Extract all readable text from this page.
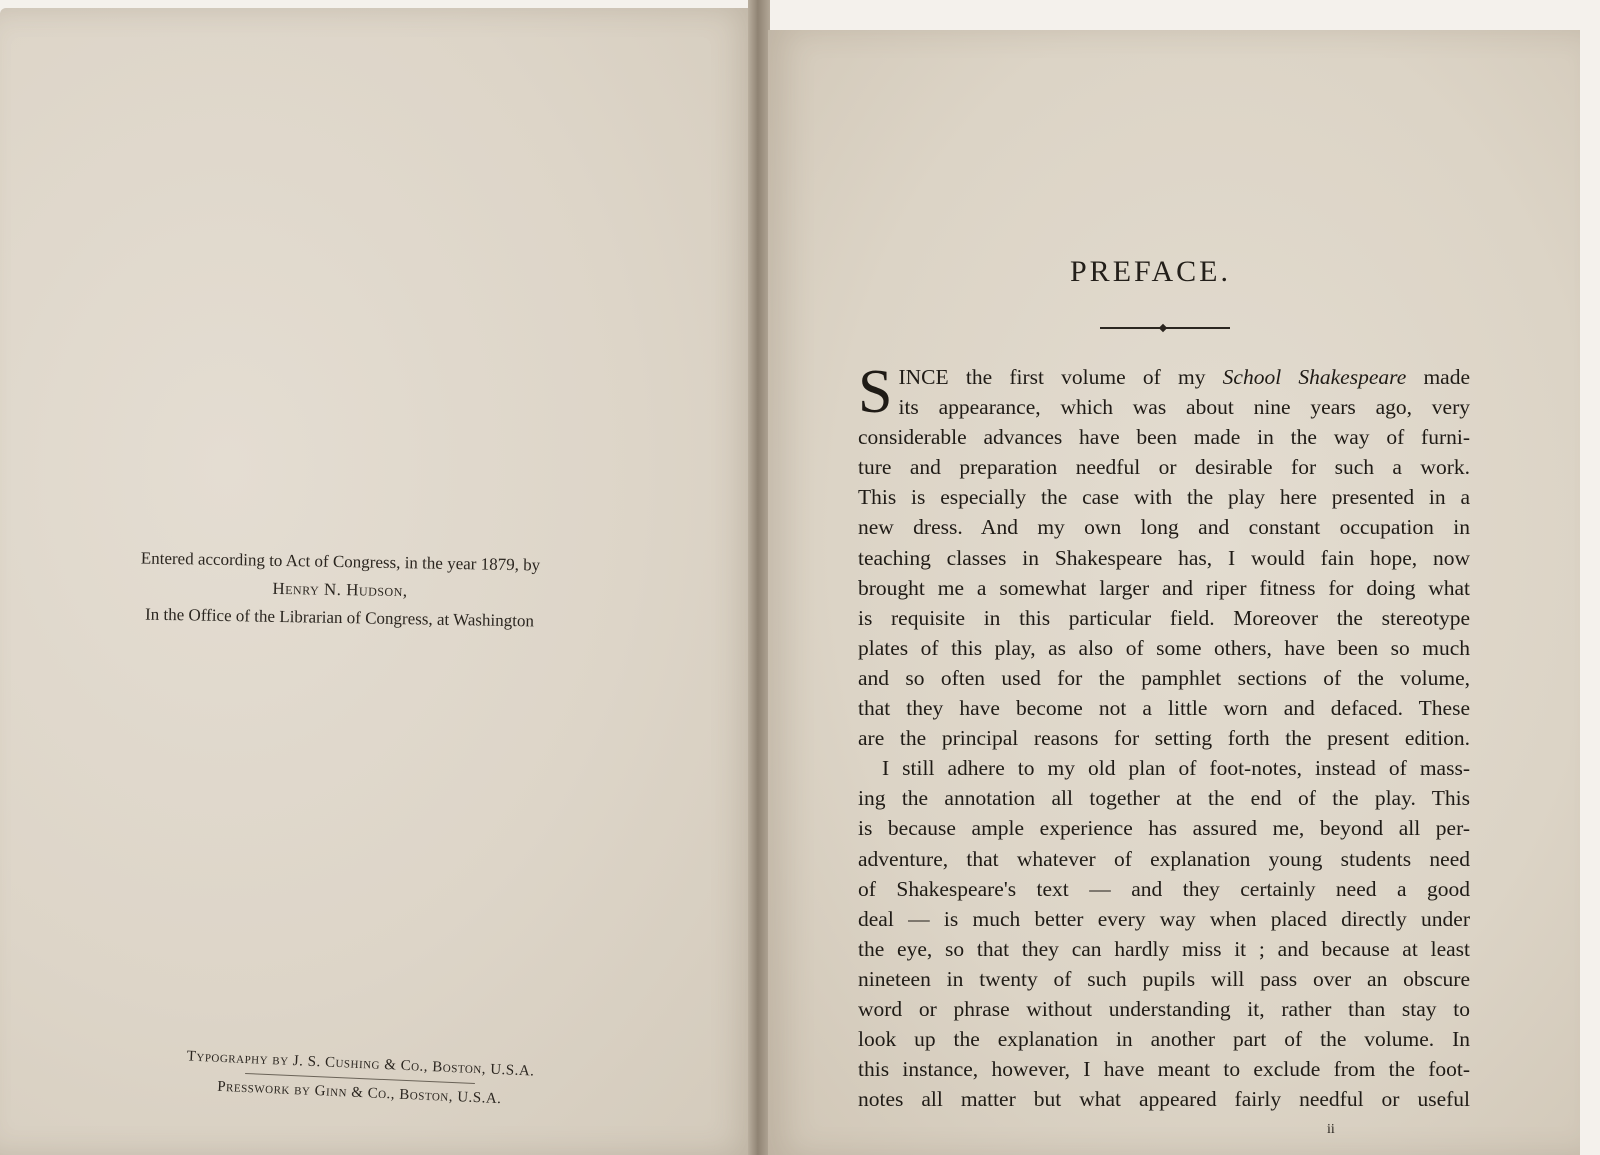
Entered according to Act of Congress, in the year 1879, by
Henry N. Hudson,
In the Office of the Librarian of Congress, at Washington
Typography by J. S. Cushing & Co., Boston, U.S.A.
Presswork by Ginn & Co., Boston, U.S.A.
PREFACE.
S INCE the first volume of my School Shakespeare made
its appearance, which was about nine years ago, very
considerable advances have been made in the way of furni-
ture and preparation needful or desirable for such a work.
This is especially the case with the play here presented in a
new dress. And my own long and constant occupation in
teaching classes in Shakespeare has, I would fain hope, now
brought me a somewhat larger and riper fitness for doing what
is requisite in this particular field. Moreover the stereotype
plates of this play, as also of some others, have been so much
and so often used for the pamphlet sections of the volume,
that they have become not a little worn and defaced. These
are the principal reasons for setting forth the present edition.
I still adhere to my old plan of foot-notes, instead of mass-
ing the annotation all together at the end of the play. This
is because ample experience has assured me, beyond all per-
adventure, that whatever of explanation young students need
of Shakespeare's text — and they certainly need a good
deal — is much better every way when placed directly under
the eye, so that they can hardly miss it ; and because at least
nineteen in twenty of such pupils will pass over an obscure
word or phrase without understanding it, rather than stay to
look up the explanation in another part of the volume. In
this instance, however, I have meant to exclude from the foot-
notes all matter but what appeared fairly needful or useful
ii
